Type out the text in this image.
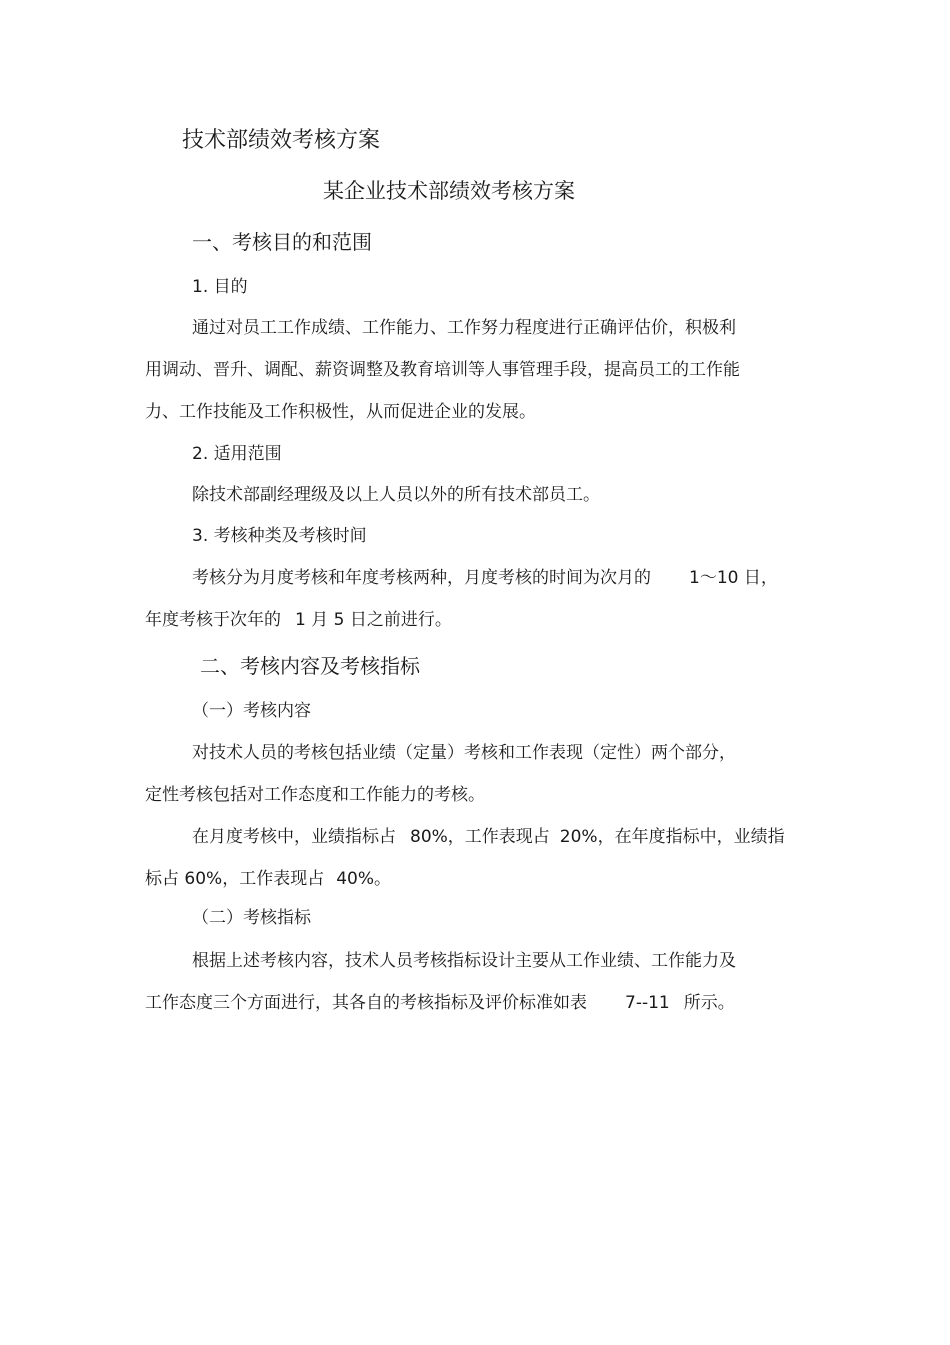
技术部绩效考核方案
某企业技术部绩效考核方案
一、考核目的和范围
1. 目的
通过对员工工作成绩、工作能力、工作努力程度进行正确评估价，积极利
用调动、晋升、调配、薪资调整及教育培训等人事管理手段，提高员工的工作能
力、工作技能及工作积极性，从而促进企业的发展。
2. 适用范围
除技术部副经理级及以上人员以外的所有技术部员工。
3. 考核种类及考核时间
考核分为月度考核和年度考核两种，月度考核的时间为次月的 1～10 日，
年度考核于次年的 1 月 5 日之前进行。
二、考核内容及考核指标
（一）考核内容
对技术人员的考核包括业绩（定量）考核和工作表现（定性）两个部分，
定性考核包括对工作态度和工作能力的考核。
在月度考核中，业绩指标占 80%，工作表现占 20%，在年度指标中，业绩指
标占 60%，工作表现占 40%。
（二）考核指标
根据上述考核内容，技术人员考核指标设计主要从工作业绩、工作能力及
工作态度三个方面进行，其各自的考核指标及评价标准如表 7--11 所示。
